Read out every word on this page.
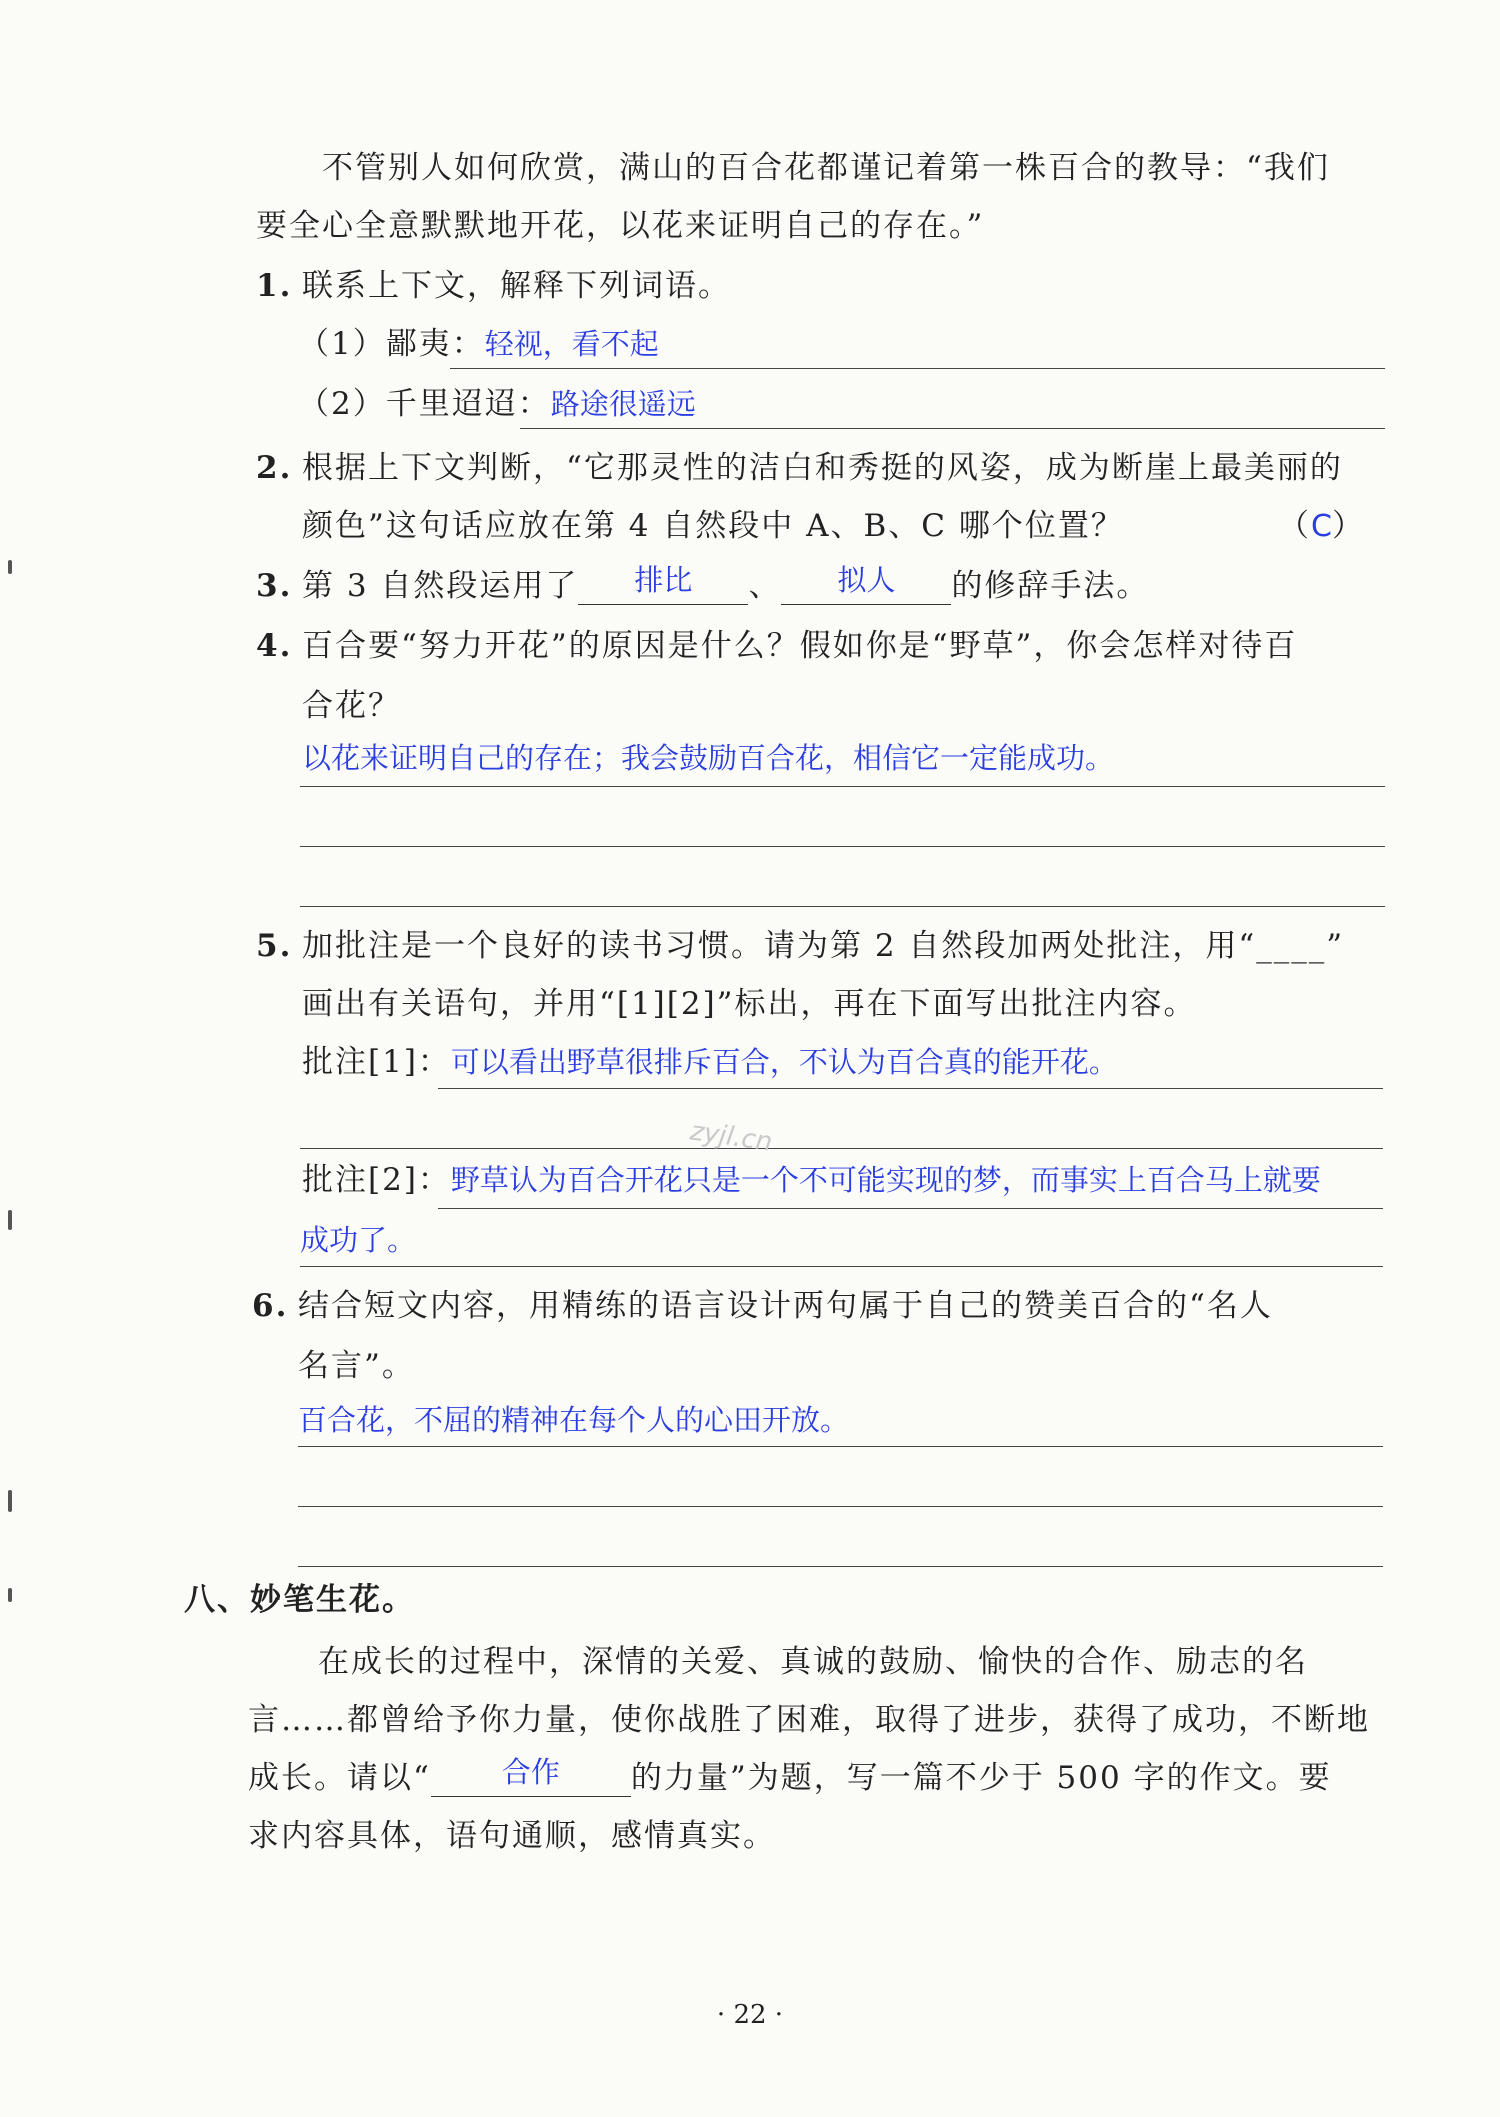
不管别人如何欣赏，满山的百合花都谨记着第一株百合的教导：“我们
要全心全意默默地开花，以花来证明自己的存在。”
1. 联系上下文，解释下列词语。
（1）鄙夷：轻视，看不起
（2）千里迢迢：路途很遥远
2. 根据上下文判断，“它那灵性的洁白和秀挺的风姿，成为断崖上最美丽的
颜色”这句话应放在第 4 自然段中 A、B、C 哪个位置？	（C）
3. 第 3 自然段运用了 排比 、 拟人 的修辞手法。
4. 百合要“努力开花”的原因是什么？假如你是“野草”，你会怎样对待百
合花？
以花来证明自己的存在；我会鼓励百合花，相信它一定能成功。
5. 加批注是一个良好的读书习惯。请为第 2 自然段加两处批注，用“____”
画出有关语句，并用“[1][2]”标出，再在下面写出批注内容。
批注[1]：可以看出野草很排斥百合，不认为百合真的能开花。
批注[2]：野草认为百合开花只是一个不可能实现的梦，而事实上百合马上就要
成功了。
zyjl.cn
6. 结合短文内容，用精练的语言设计两句属于自己的赞美百合的“名人
名言”。
百合花，不屈的精神在每个人的心田开放。
八、妙笔生花。
在成长的过程中，深情的关爱、真诚的鼓励、愉快的合作、励志的名
言……都曾给予你力量，使你战胜了困难，取得了进步，获得了成功，不断地
成长。请以“ 合作 的力量”为题，写一篇不少于 500 字的作文。要
求内容具体，语句通顺，感情真实。
· 22 ·
